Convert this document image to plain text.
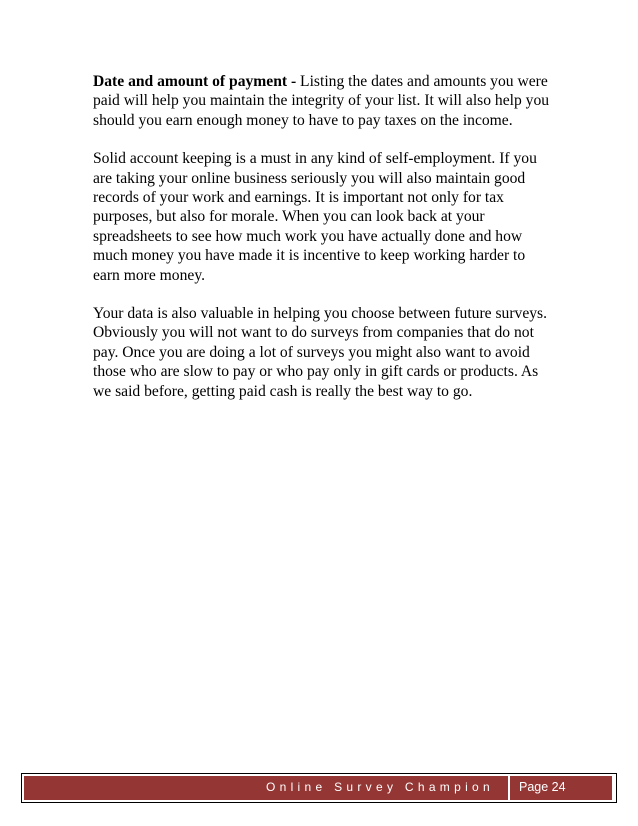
Date and amount of payment - Listing the dates and amounts you were paid will help you maintain the integrity of your list. It will also help you should you earn enough money to have to pay taxes on the income.

Solid account keeping is a must in any kind of self-employment. If you are taking your online business seriously you will also maintain good records of your work and earnings. It is important not only for tax purposes, but also for morale. When you can look back at your spreadsheets to see how much work you have actually done and how much money you have made it is incentive to keep working harder to earn more money.

Your data is also valuable in helping you choose between future surveys. Obviously you will not want to do surveys from companies that do not pay. Once you are doing a lot of surveys you might also want to avoid those who are slow to pay or who pay only in gift cards or products. As we said before, getting paid cash is really the best way to go.

Online Survey Champion Page 24
